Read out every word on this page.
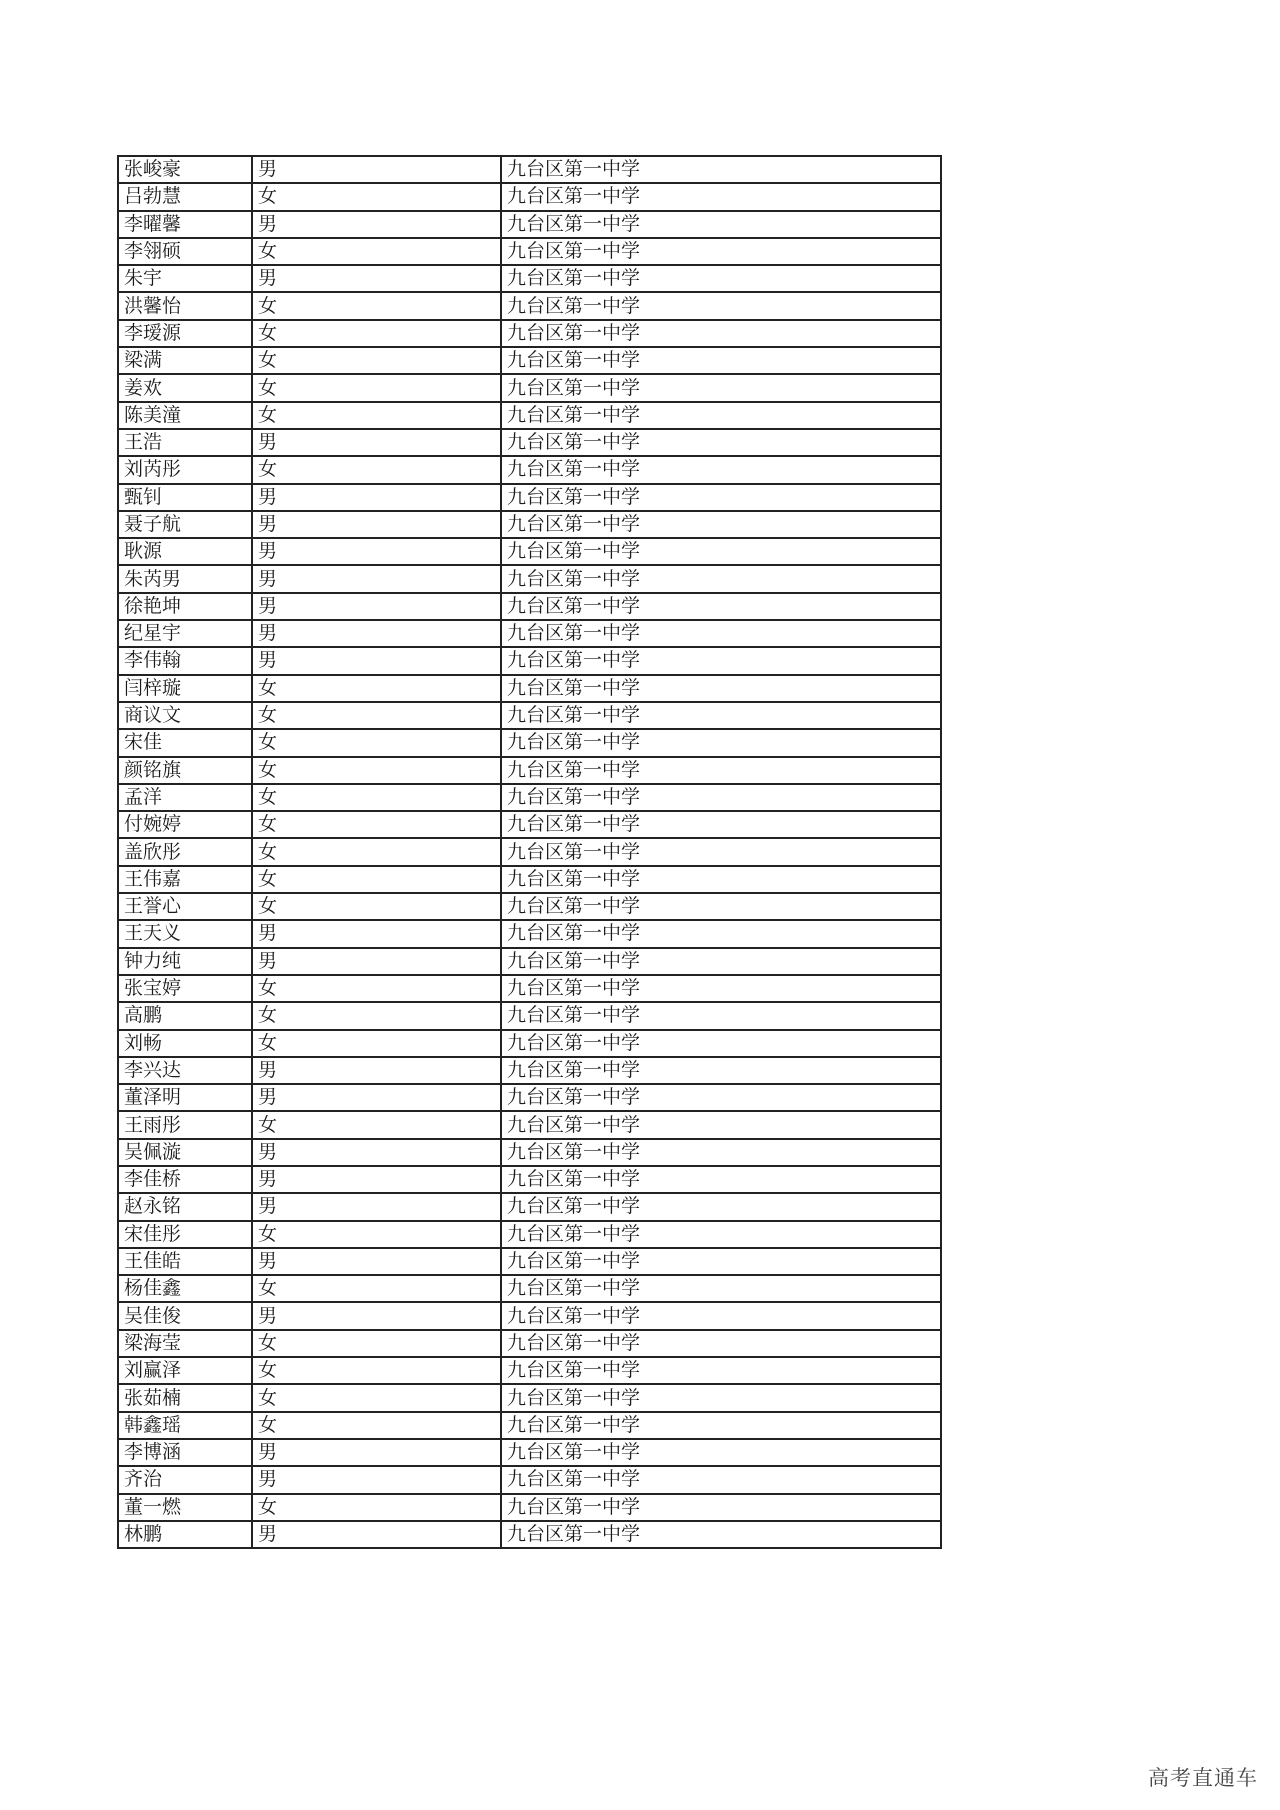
张峻豪	男	九台区第一中学
吕勃慧	女	九台区第一中学
李曜馨	男	九台区第一中学
李翎硕	女	九台区第一中学
朱宇	男	九台区第一中学
洪馨怡	女	九台区第一中学
李瑷源	女	九台区第一中学
梁满	女	九台区第一中学
姜欢	女	九台区第一中学
陈美潼	女	九台区第一中学
王浩	男	九台区第一中学
刘芮彤	女	九台区第一中学
甄钊	男	九台区第一中学
聂子航	男	九台区第一中学
耿源	男	九台区第一中学
朱芮男	男	九台区第一中学
徐艳坤	男	九台区第一中学
纪星宇	男	九台区第一中学
李伟翰	男	九台区第一中学
闫梓璇	女	九台区第一中学
商议文	女	九台区第一中学
宋佳	女	九台区第一中学
颜铭旗	女	九台区第一中学
孟洋	女	九台区第一中学
付婉婷	女	九台区第一中学
盖欣彤	女	九台区第一中学
王伟嘉	女	九台区第一中学
王誉心	女	九台区第一中学
王天义	男	九台区第一中学
钟力纯	男	九台区第一中学
张宝婷	女	九台区第一中学
高鹏	女	九台区第一中学
刘畅	女	九台区第一中学
李兴达	男	九台区第一中学
董泽明	男	九台区第一中学
王雨彤	女	九台区第一中学
吴佩漩	男	九台区第一中学
李佳桥	男	九台区第一中学
赵永铭	男	九台区第一中学
宋佳彤	女	九台区第一中学
王佳皓	男	九台区第一中学
杨佳鑫	女	九台区第一中学
吴佳俊	男	九台区第一中学
梁海莹	女	九台区第一中学
刘赢泽	女	九台区第一中学
张茹楠	女	九台区第一中学
韩鑫瑶	女	九台区第一中学
李博涵	男	九台区第一中学
齐治	男	九台区第一中学
董一燃	女	九台区第一中学
林鹏	男	九台区第一中学
高考直通车
